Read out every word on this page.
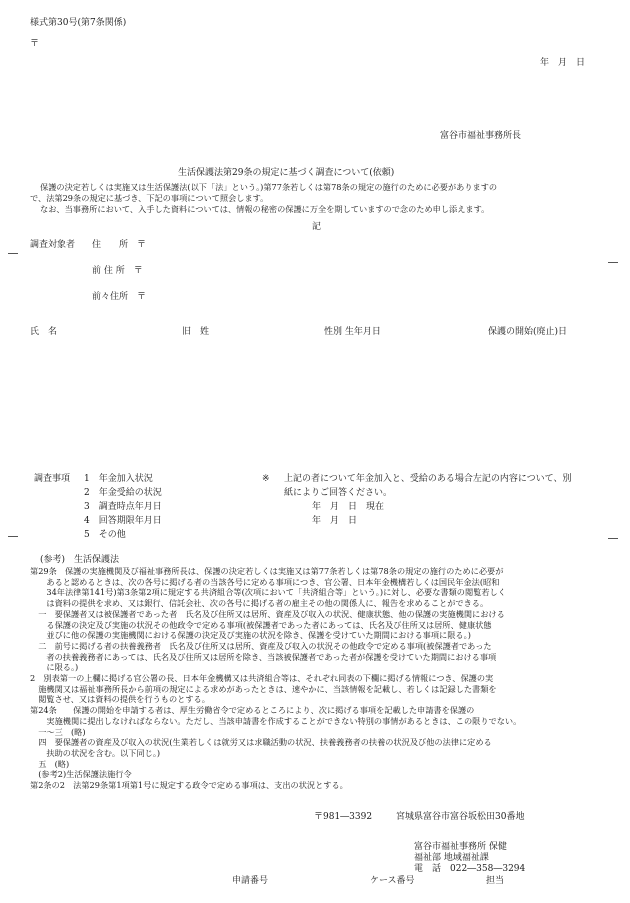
様式第30号(第7条関係)
〒
年　月　日
富谷市福祉事務所長
生活保護法第29条の規定に基づく調査について(依頼)
保護の決定若しくは実施又は生活保護法(以下「法」という。)第77条若しくは第78条の規定の施行のために必要がありますの
で、法第29条の規定に基づき、下記の事項について照会します。
なお、当事務所において、入手した資料については、情報の秘密の保護に万全を期していますので念のため申し添えます。
記
調査対象者 住　　所　〒
前 住 所　〒
前々住所　〒
氏　名	旧　姓	性別 生年月日	保護の開始(廃止)日
調査事項 1　年金加入状況
2　年金受給の状況
3　調査時点年月日
4　回答期限年月日
5　その他
※ 上記の者について年金加入と、受給のある場合左記の内容について、別
紙によりご回答ください。
年　月　日　現在
年　月　日
(参考)　生活保護法
第29条　保護の実施機関及び福祉事務所長は、保護の決定若しくは実施又は第77条若しくは第78条の規定の施行のために必要が
　　あると認めるときは、次の各号に掲げる者の当該各号に定める事項につき、官公署、日本年金機構若しくは国民年金法(昭和
　　34年法律第141号)第3条第2項に規定する共済組合等(次項において「共済組合等」という。)に対し、必要な書類の閲覧若しく
　　は資料の提供を求め、又は銀行、信託会社、次の各号に掲げる者の雇主その他の関係人に、報告を求めることができる。
　一　要保護者又は被保護者であった者　氏名及び住所又は居所、資産及び収入の状況、健康状態、他の保護の実施機関における
　　る保護の決定及び実施の状況その他政令で定める事項(被保護者であった者にあっては、氏名及び住所又は居所、健康状態
　　並びに他の保護の実施機関における保護の決定及び実施の状況を除き、保護を受けていた期間における事項に限る。)
　二　前号に掲げる者の扶養義務者　氏名及び住所又は居所、資産及び収入の状況その他政令で定める事項(被保護者であった
　　者の扶養義務者にあっては、氏名及び住所又は居所を除き、当該被保護者であった者が保護を受けていた期間における事項
　　に限る。)
2　別表第一の上欄に掲げる官公署の長、日本年金機構又は共済組合等は、それぞれ同表の下欄に掲げる情報につき、保護の実
　施機関又は福祉事務所長から前項の規定による求めがあったときは、速やかに、当該情報を記載し、若しくは記録した書類を
　閲覧させ、又は資料の提供を行うものとする。
第24条　　保護の開始を申請する者は、厚生労働省令で定めるところにより、次に掲げる事項を記載した申請書を保護の
　　実施機関に提出しなければならない。ただし、当該申請書を作成することができない特別の事情があるときは、この限りでない。
　一～三　(略)
　四　要保護者の資産及び収入の状況(生業若しくは就労又は求職活動の状況、扶養義務者の扶養の状況及び他の法律に定める
　　扶助の状況を含む。以下同じ。)
　五　(略)
　(参考2)生活保護法施行令
第2条の2　法第29条第1項第1号に規定する政令で定める事項は、支出の状況とする。
〒981―3392	宮城県富谷市富谷坂松田30番地
富谷市福祉事務所 保健
福祉部 地域福祉課
電　話　022―358―3294
申請番号	ケース番号	担当
